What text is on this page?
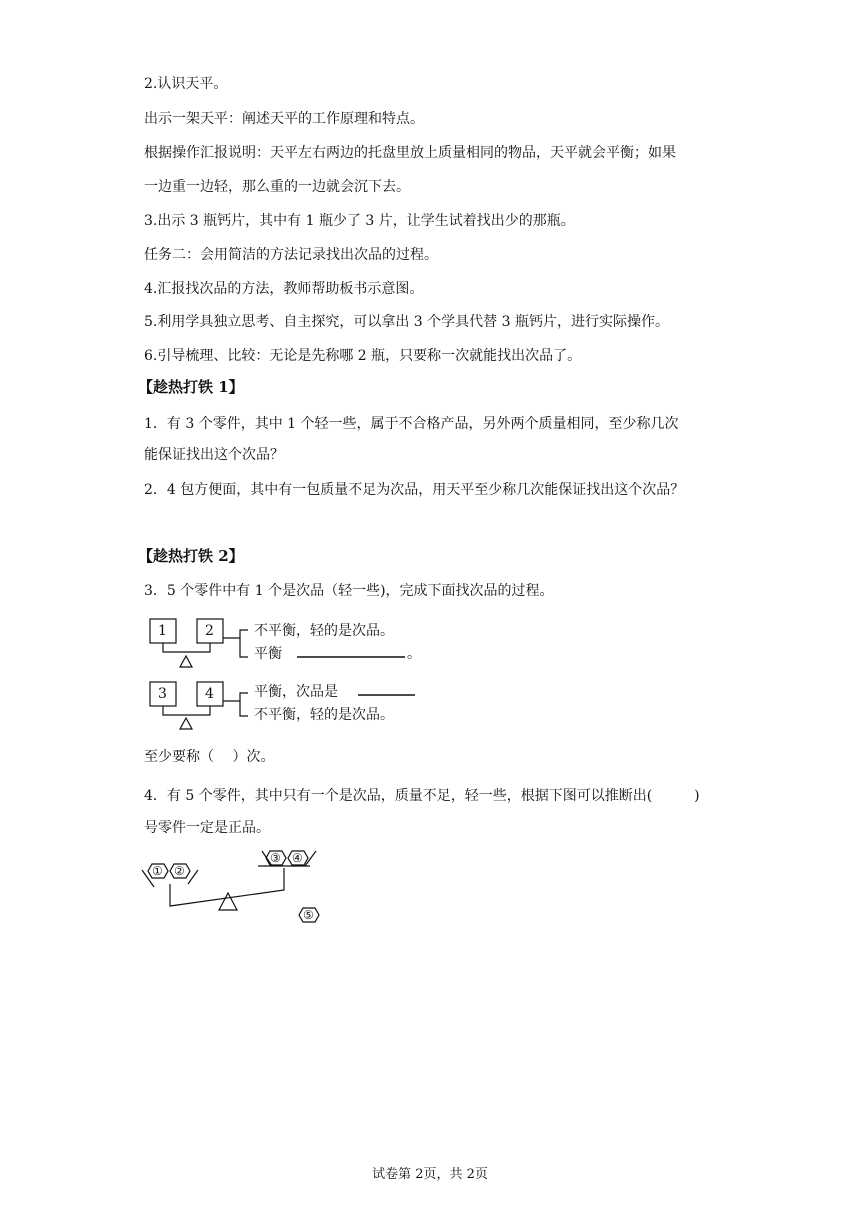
2.认识天平。
出示一架天平：阐述天平的工作原理和特点。
根据操作汇报说明：天平左右两边的托盘里放上质量相同的物品，天平就会平衡；如果
一边重一边轻，那么重的一边就会沉下去。
3.出示 3 瓶钙片，其中有 1 瓶少了 3 片，让学生试着找出少的那瓶。
任务二：会用简洁的方法记录找出次品的过程。
4.汇报找次品的方法，教师帮助板书示意图。
5.利用学具独立思考、自主探究，可以拿出 3 个学具代替 3 瓶钙片，进行实际操作。
6.引导梳理、比较：无论是先称哪 2 瓶，只要称一次就能找出次品了。
【趁热打铁 1】
1．有 3 个零件，其中 1 个轻一些，属于不合格产品，另外两个质量相同，至少称几次
能保证找出这个次品？
2．4 包方便面，其中有一包质量不足为次品，用天平至少称几次能保证找出这个次品？
【趁热打铁 2】
3．5 个零件中有 1 个是次品（轻一些)，完成下面找次品的过程。
1	2	不平衡，轻的是次品。
平衡	。
3	4	平衡，次品是
不平衡，轻的是次品。
至少要称（　 ）次。
4．有 5 个零件，其中只有一个是次品，质量不足，轻一些，根据下图可以推断出(　　　)
号零件一定是正品。
① ②
③ ④
⑤
试卷第 2页，共 2页
